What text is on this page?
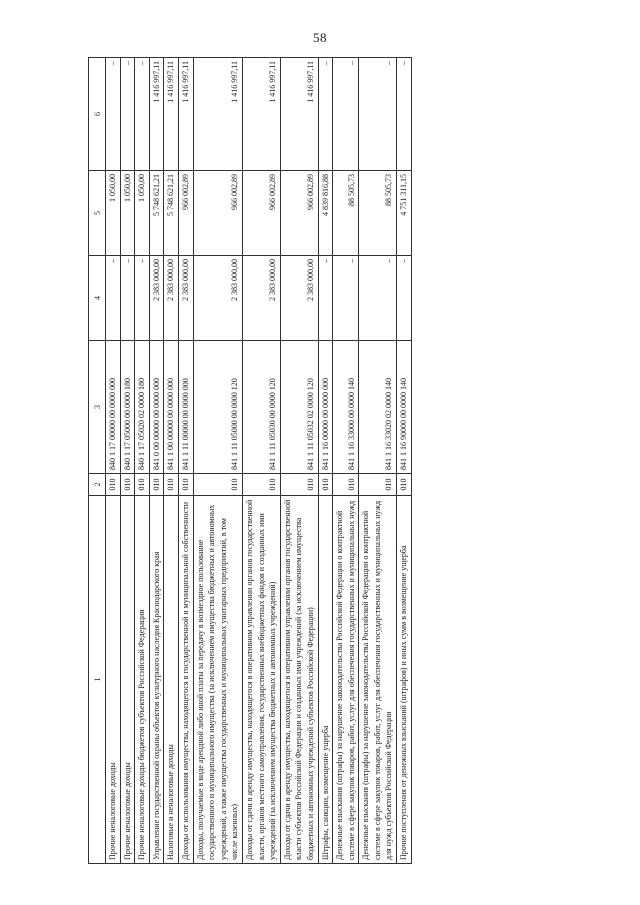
58
1	2	3	4	5	6
Прочие неналоговые доходы	010	840 1 17 00000 00 0000 000	–	1 050,00	–
Прочие неналоговые доходы	010	840 1 17 05000 00 0000 180	–	1 050,00	–
Прочие неналоговые доходы бюджетов субъектов Российской Федерации	010	840 1 17 05020 02 0000 180	–	1 050,00	–
Управление государственной охраны объектов культурного наследия Краснодарского края	010	841 0 00 00000 00 0000 000	2 383 000,00	5 748 621,21	1 416 997,11
Налоговые и неналоговые доходы	010	841 1 00 00000 00 0000 000	2 383 000,00	5 748 621,21	1 416 997,11
Доходы от использования имущества, находящегося в государственной и муниципальной собственности	010	841 1 11 00000 00 0000 000	2 383 000,00	966 002,89	1 416 997,11
Доходы, получаемые в виде арендной либо иной платы за передачу в возмездное пользование государственного и муниципального имущества (за исключением имущества бюджетных и автономных учреждений, а также имущества государственных и муниципальных унитарных предприятий, в том числе казенных)	010	841 1 11 05000 00 0000 120	2 383 000,00	966 002,89	1 416 997,11
Доходы от сдачи в аренду имущества, находящегося в оперативном управлении органов государственной власти, органов местного самоуправления, государственных внебюджетных фондов и созданных ими учреждений (за исключением имущества бюджетных и автономных учреждений)	010	841 1 11 05030 00 0000 120	2 383 000,00	966 002,89	1 416 997,11
Доходы от сдачи в аренду имущества, находящегося в оперативном управлении органов государственной власти субъектов Российской Федерации и созданных ими учреждений (за исключением имущества бюджетных и автономных учреждений субъектов Российской Федерации)	010	841 1 11 05032 02 0000 120	2 383 000,00	966 002,89	1 416 997,11
Штрафы, санкции, возмещение ущерба	010	841 1 16 00000 00 0000 000	–	4 839 816,88	–
Денежные взыскания (штрафы) за нарушение законодательства Российской Федерации о контрактной системе в сфере закупок товаров, работ, услуг для обеспечения государственных и муниципальных нужд	010	841 1 16 33000 00 0000 140	–	88 505,73	–
Денежные взыскания (штрафы) за нарушение законодательства Российской Федерации о контрактной системе в сфере закупок товаров, работ, услуг для обеспечения государственных и муниципальных нужд для нужд субъектов Российской Федерации	010	841 1 16 33020 02 0000 140	–	88 505,73	–
Прочие поступления от денежных взысканий (штрафов) и иных сумм в возмещение ущерба	010	841 1 16 90000 00 0000 140	–	4 751 311,15	–
,
